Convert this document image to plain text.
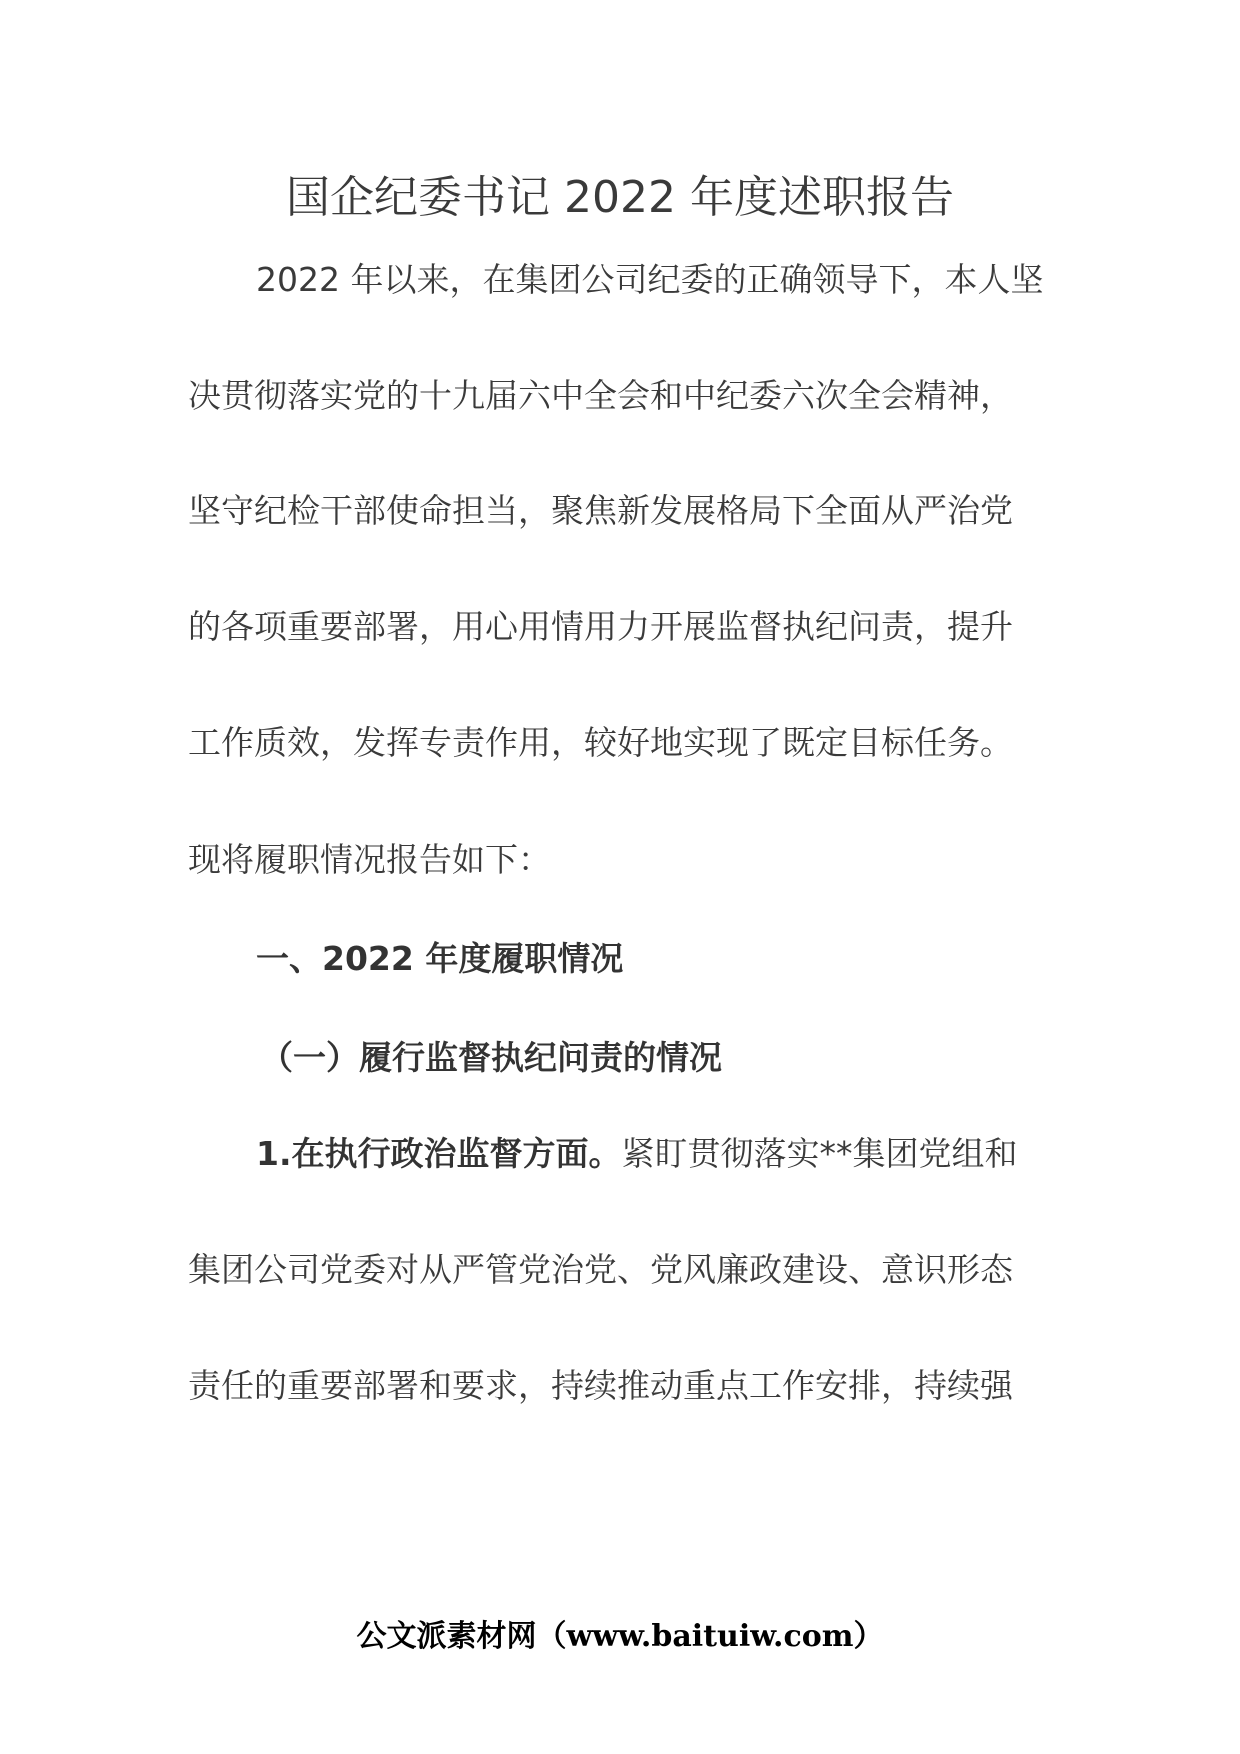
国企纪委书记 2022 年度述职报告
2022 年以来，在集团公司纪委的正确领导下，本人坚
决贯彻落实党的十九届六中全会和中纪委六次全会精神，
坚守纪检干部使命担当，聚焦新发展格局下全面从严治党
的各项重要部署，用心用情用力开展监督执纪问责，提升
工作质效，发挥专责作用，较好地实现了既定目标任务。
现将履职情况报告如下：
一、2022 年度履职情况
（一）履行监督执纪问责的情况
1.在执行政治监督方面。紧盯贯彻落实**集团党组和
集团公司党委对从严管党治党、党风廉政建设、意识形态
责任的重要部署和要求，持续推动重点工作安排，持续强
公文派素材网（www.baituiw.com）
